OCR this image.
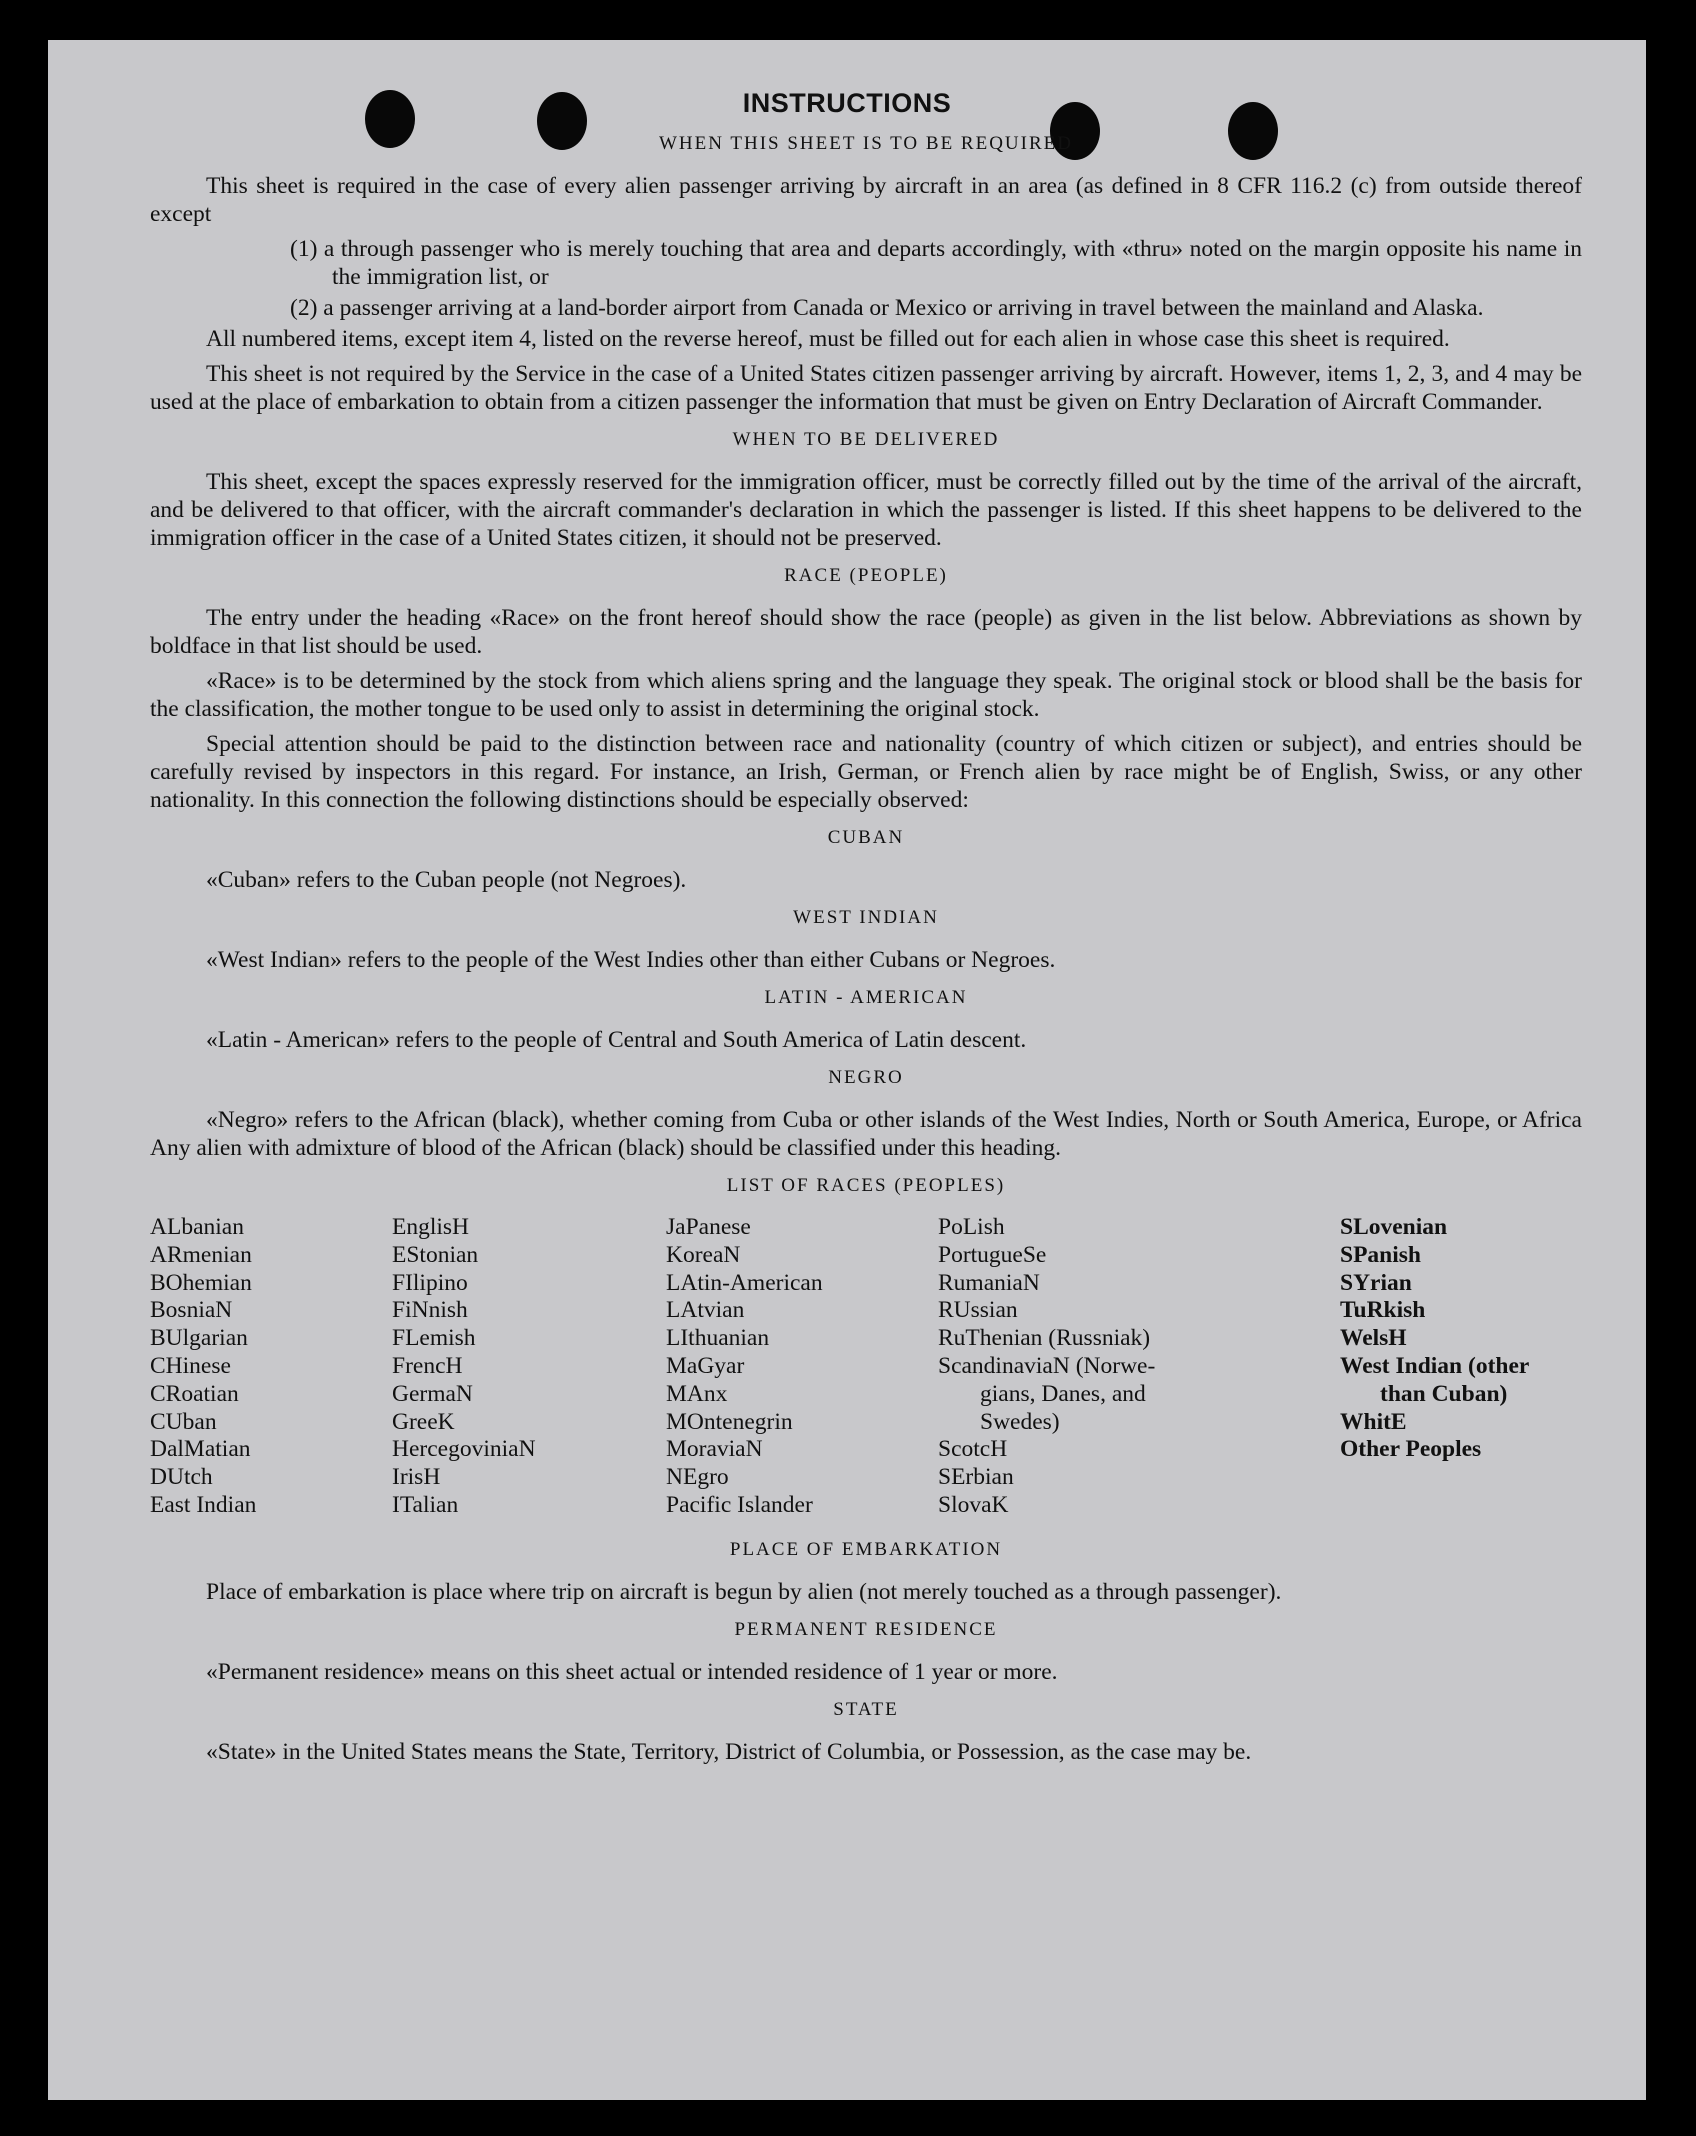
INSTRUCTIONS
WHEN THIS SHEET IS TO BE REQUIRED
This sheet is required in the case of every alien passenger arriving by aircraft in an area (as defined in 8 CFR 116.2 (c) from outside thereof except
(1) a through passenger who is merely touching that area and departs accordingly, with «thru» noted on the margin opposite his name in the immigration list, or
(2) a passenger arriving at a land-border airport from Canada or Mexico or arriving in travel between the mainland and Alaska.
All numbered items, except item 4, listed on the reverse hereof, must be filled out for each alien in whose case this sheet is required.
This sheet is not required by the Service in the case of a United States citizen passenger arriving by aircraft. However, items 1, 2, 3, and 4 may be used at the place of embarkation to obtain from a citizen passenger the information that must be given on Entry Declaration of Aircraft Commander.
WHEN TO BE DELIVERED
This sheet, except the spaces expressly reserved for the immigration officer, must be correctly filled out by the time of the arrival of the aircraft, and be delivered to that officer, with the aircraft commander's declaration in which the passenger is listed. If this sheet happens to be delivered to the immigration officer in the case of a United States citizen, it should not be preserved.
RACE (PEOPLE)
The entry under the heading «Race» on the front hereof should show the race (people) as given in the list below. Abbreviations as shown by boldface in that list should be used.
«Race» is to be determined by the stock from which aliens spring and the language they speak. The original stock or blood shall be the basis for the classification, the mother tongue to be used only to assist in determining the original stock.
Special attention should be paid to the distinction between race and nationality (country of which citizen or subject), and entries should be carefully revised by inspectors in this regard. For instance, an Irish, German, or French alien by race might be of English, Swiss, or any other nationality. In this connection the following distinctions should be especially observed:
CUBAN
«Cuban» refers to the Cuban people (not Negroes).
WEST INDIAN
«West Indian» refers to the people of the West Indies other than either Cubans or Negroes.
LATIN - AMERICAN
«Latin - American» refers to the people of Central and South America of Latin descent.
NEGRO
«Negro» refers to the African (black), whether coming from Cuba or other islands of the West Indies, North or South America, Europe, or Africa Any alien with admixture of blood of the African (black) should be classified under this heading.
LIST OF RACES (PEOPLES)
ALbanian
ARmenian
BOhemian
BosniaN
BUlgarian
CHinese
CRoatian
CUban
DalMatian
DUtch
East Indian
EnglisH
EStonian
FIlipino
FiNnish
FLemish
FrencH
GermaN
GreeK
HercegoviniaN
IrisH
ITalian
JaPanese
KoreaN
LAtin-American
LAtvian
LIthuanian
MaGyar
MAnx
MOntenegrin
MoraviaN
NEgro
Pacific Islander
PoLish
PortugueSe
RumaniaN
RUssian
RuThenian (Russniak)
ScandinaviaN (Norwe-
gians, Danes, and
Swedes)
ScotcH
SErbian
SlovaK
SLovenian
SPanish
SYrian
TuRkish
WelsH
West Indian (other
than Cuban)
WhitE
Other Peoples
PLACE OF EMBARKATION
Place of embarkation is place where trip on aircraft is begun by alien (not merely touched as a through passenger).
PERMANENT RESIDENCE
«Permanent residence» means on this sheet actual or intended residence of 1 year or more.
STATE
«State» in the United States means the State, Territory, District of Columbia, or Possession, as the case may be.
